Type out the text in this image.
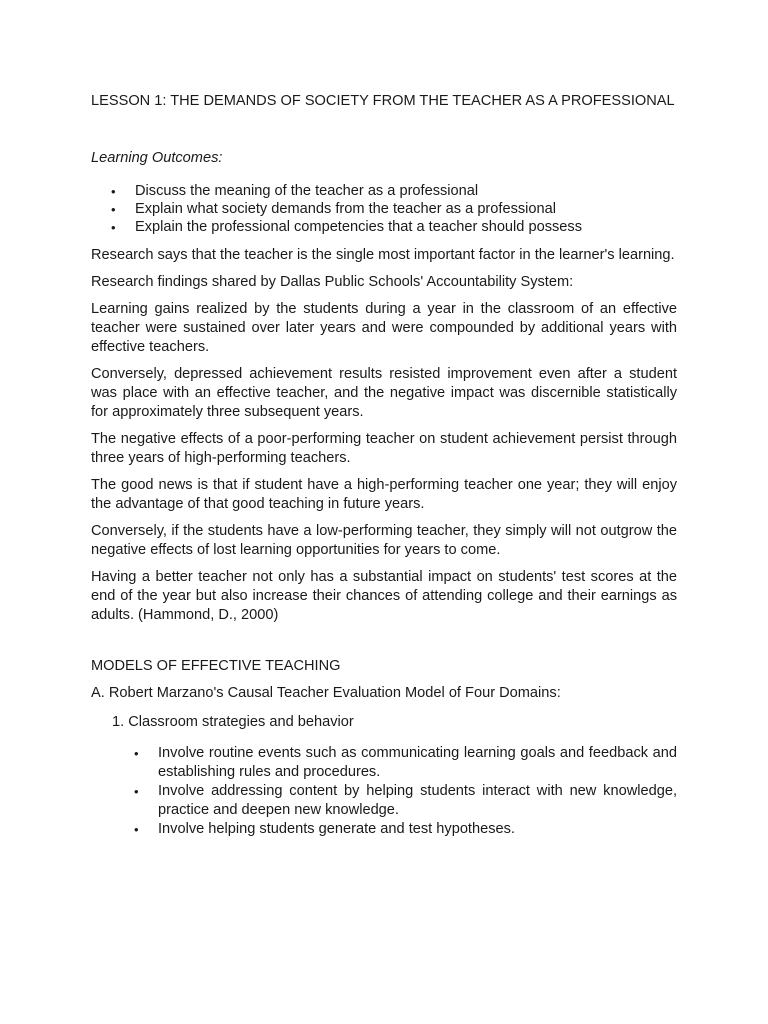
LESSON 1: THE DEMANDS OF SOCIETY FROM THE TEACHER AS A PROFESSIONAL
Learning Outcomes:
• Discuss the meaning of the teacher as a professional
• Explain what society demands from the teacher as a professional
• Explain the professional competencies that a teacher should possess

Research says that the teacher is the single most important factor in the learner's learning.

Research findings shared by Dallas Public Schools' Accountability System:

Learning gains realized by the students during a year in the classroom of an effective teacher were sustained over later years and were compounded by additional years with effective teachers.

Conversely, depressed achievement results resisted improvement even after a student was place with an effective teacher, and the negative impact was discernible statistically for approximately three subsequent years.

The negative effects of a poor-performing teacher on student achievement persist through three years of high-performing teachers.

The good news is that if student have a high-performing teacher one year; they will enjoy the advantage of that good teaching in future years.

Conversely, if the students have a low-performing teacher, they simply will not outgrow the negative effects of lost learning opportunities for years to come.

Having a better teacher not only has a substantial impact on students' test scores at the end of the year but also increase their chances of attending college and their earnings as adults. (Hammond, D., 2000)

MODELS OF EFFECTIVE TEACHING
A. Robert Marzano's Causal Teacher Evaluation Model of Four Domains:
1. Classroom strategies and behavior
• Involve routine events such as communicating learning goals and feedback and establishing rules and procedures.
• Involve addressing content by helping students interact with new knowledge, practice and deepen new knowledge.
• Involve helping students generate and test hypotheses.
